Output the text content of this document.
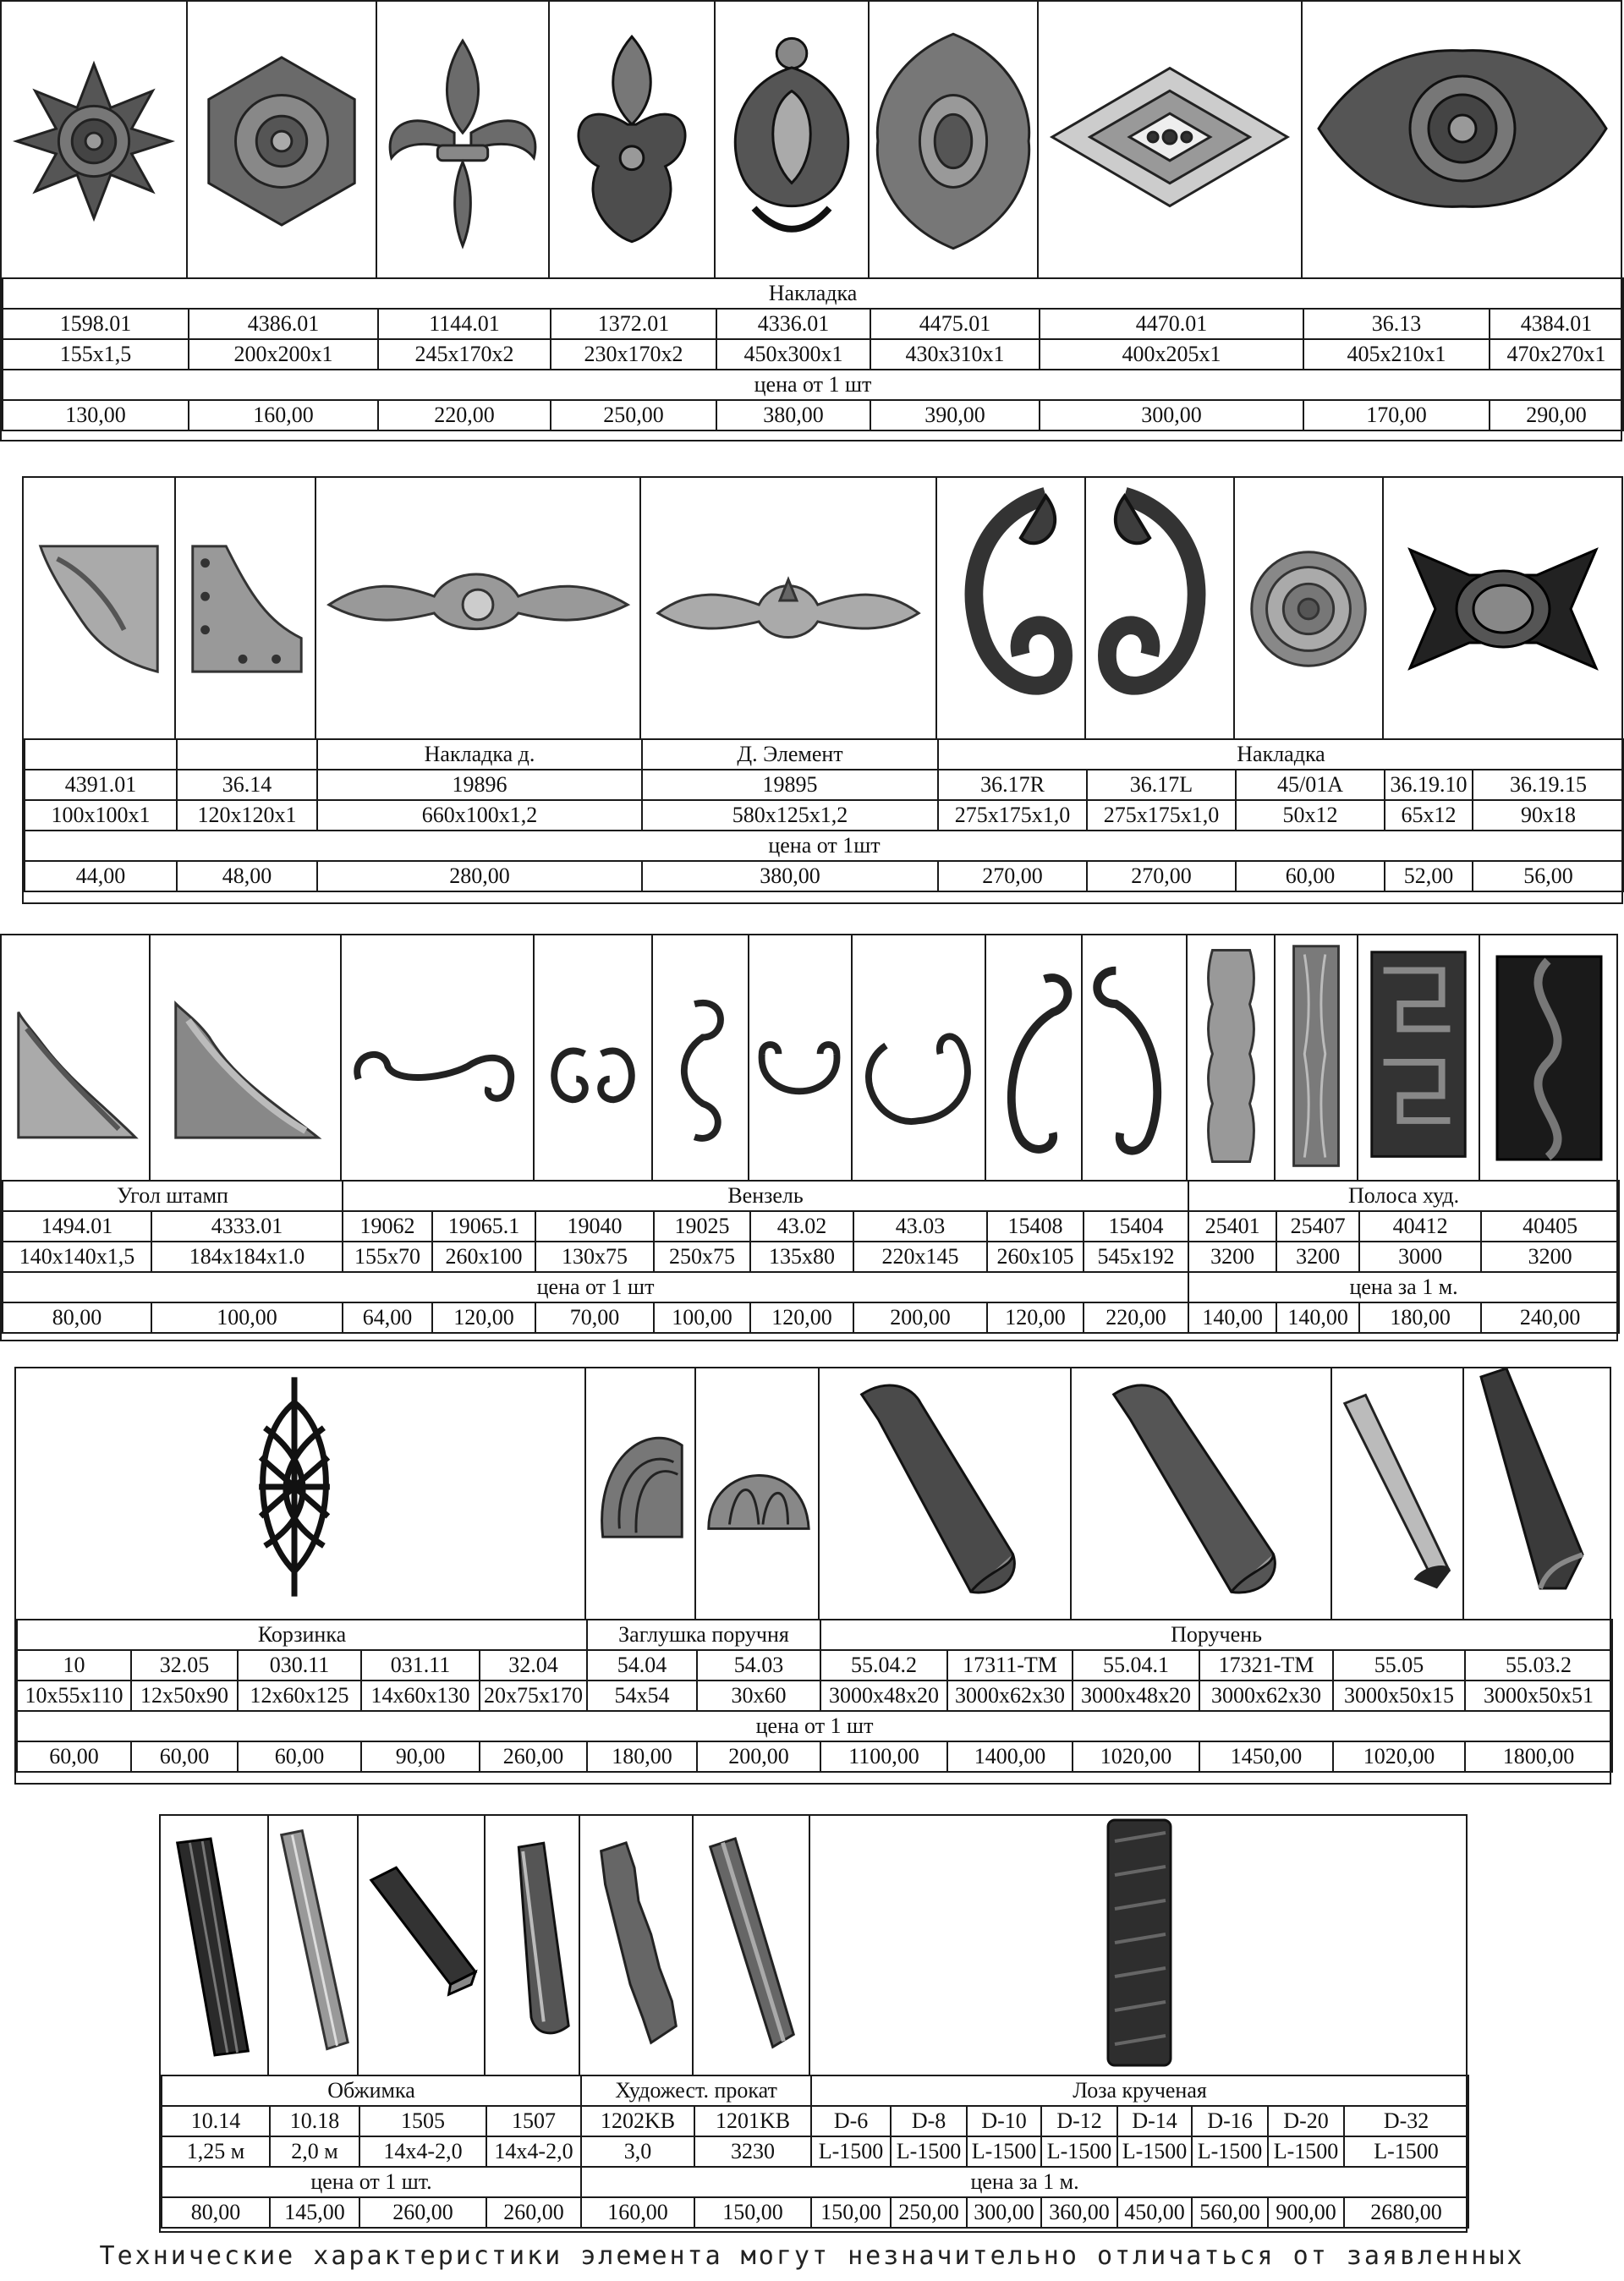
Накладка								
1598.01	4386.01	1144.01	1372.01	4336.01	4475.01	4470.01	36.13	4384.01
155x1,5	200x200x1	245x170x2	230x170x2	450x300x1	430x310x1	400x205x1	405x210x1	470x270x1
цена от 1 шт								
130,00	160,00	220,00	250,00	380,00	390,00	300,00	170,00	290,00
		Накладка д.	Д. Элемент	Накладка				
4391.01	36.14	19896	19895	36.17R	36.17L	45/01A	36.19.10	36.19.15
100x100x1	120x120x1	660x100x1,2	580x125x1,2	275x175x1,0	275x175x1,0	50x12	65x12	90x18
цена от 1шт								
44,00	48,00	280,00	380,00	270,00	270,00	60,00	52,00	56,00
Угол штамп		Вензель								Полоса худ.			
1494.01	4333.01	19062	19065.1	19040	19025	43.02	43.03	15408	15404	25401	25407	40412	40405
140x140x1,5	184x184x1.0	155x70	260x100	130x75	250x75	135x80	220x145	260x105	545x192	3200	3200	3000	3200
цена от 1 шт										цена за 1 м.			
80,00	100,00	64,00	120,00	70,00	100,00	120,00	200,00	120,00	220,00	140,00	140,00	180,00	240,00
Корзинка					Заглушка поручня		Поручень					
10	32.05	030.11	031.11	32.04	54.04	54.03	55.04.2	17311-TM	55.04.1	17321-TM	55.05	55.03.2
10x55x110	12x50x90	12x60x125	14x60x130	20x75x170	54x54	30x60	3000x48x20	3000x62x30	3000x48x20	3000x62x30	3000x50x15	3000x50x51
цена от 1 шт												
60,00	60,00	60,00	90,00	260,00	180,00	200,00	1100,00	1400,00	1020,00	1450,00	1020,00	1800,00
Обжимка				Художест. прокат		Лоза крученая							
10.14	10.18	1505	1507	1202KB	1201KB	D-6	D-8	D-10	D-12	D-14	D-16	D-20	D-32
1,25 м	2,0 м	14x4-2,0	14x4-2,0	3,0	3230	L-1500	L-1500	L-1500	L-1500	L-1500	L-1500	L-1500	L-1500
цена от 1 шт.				цена за 1 м.									
80,00	145,00	260,00	260,00	160,00	150,00	150,00	250,00	300,00	360,00	450,00	560,00	900,00	2680,00
Технические характеристики элемента могут незначительно отличаться от заявленных
